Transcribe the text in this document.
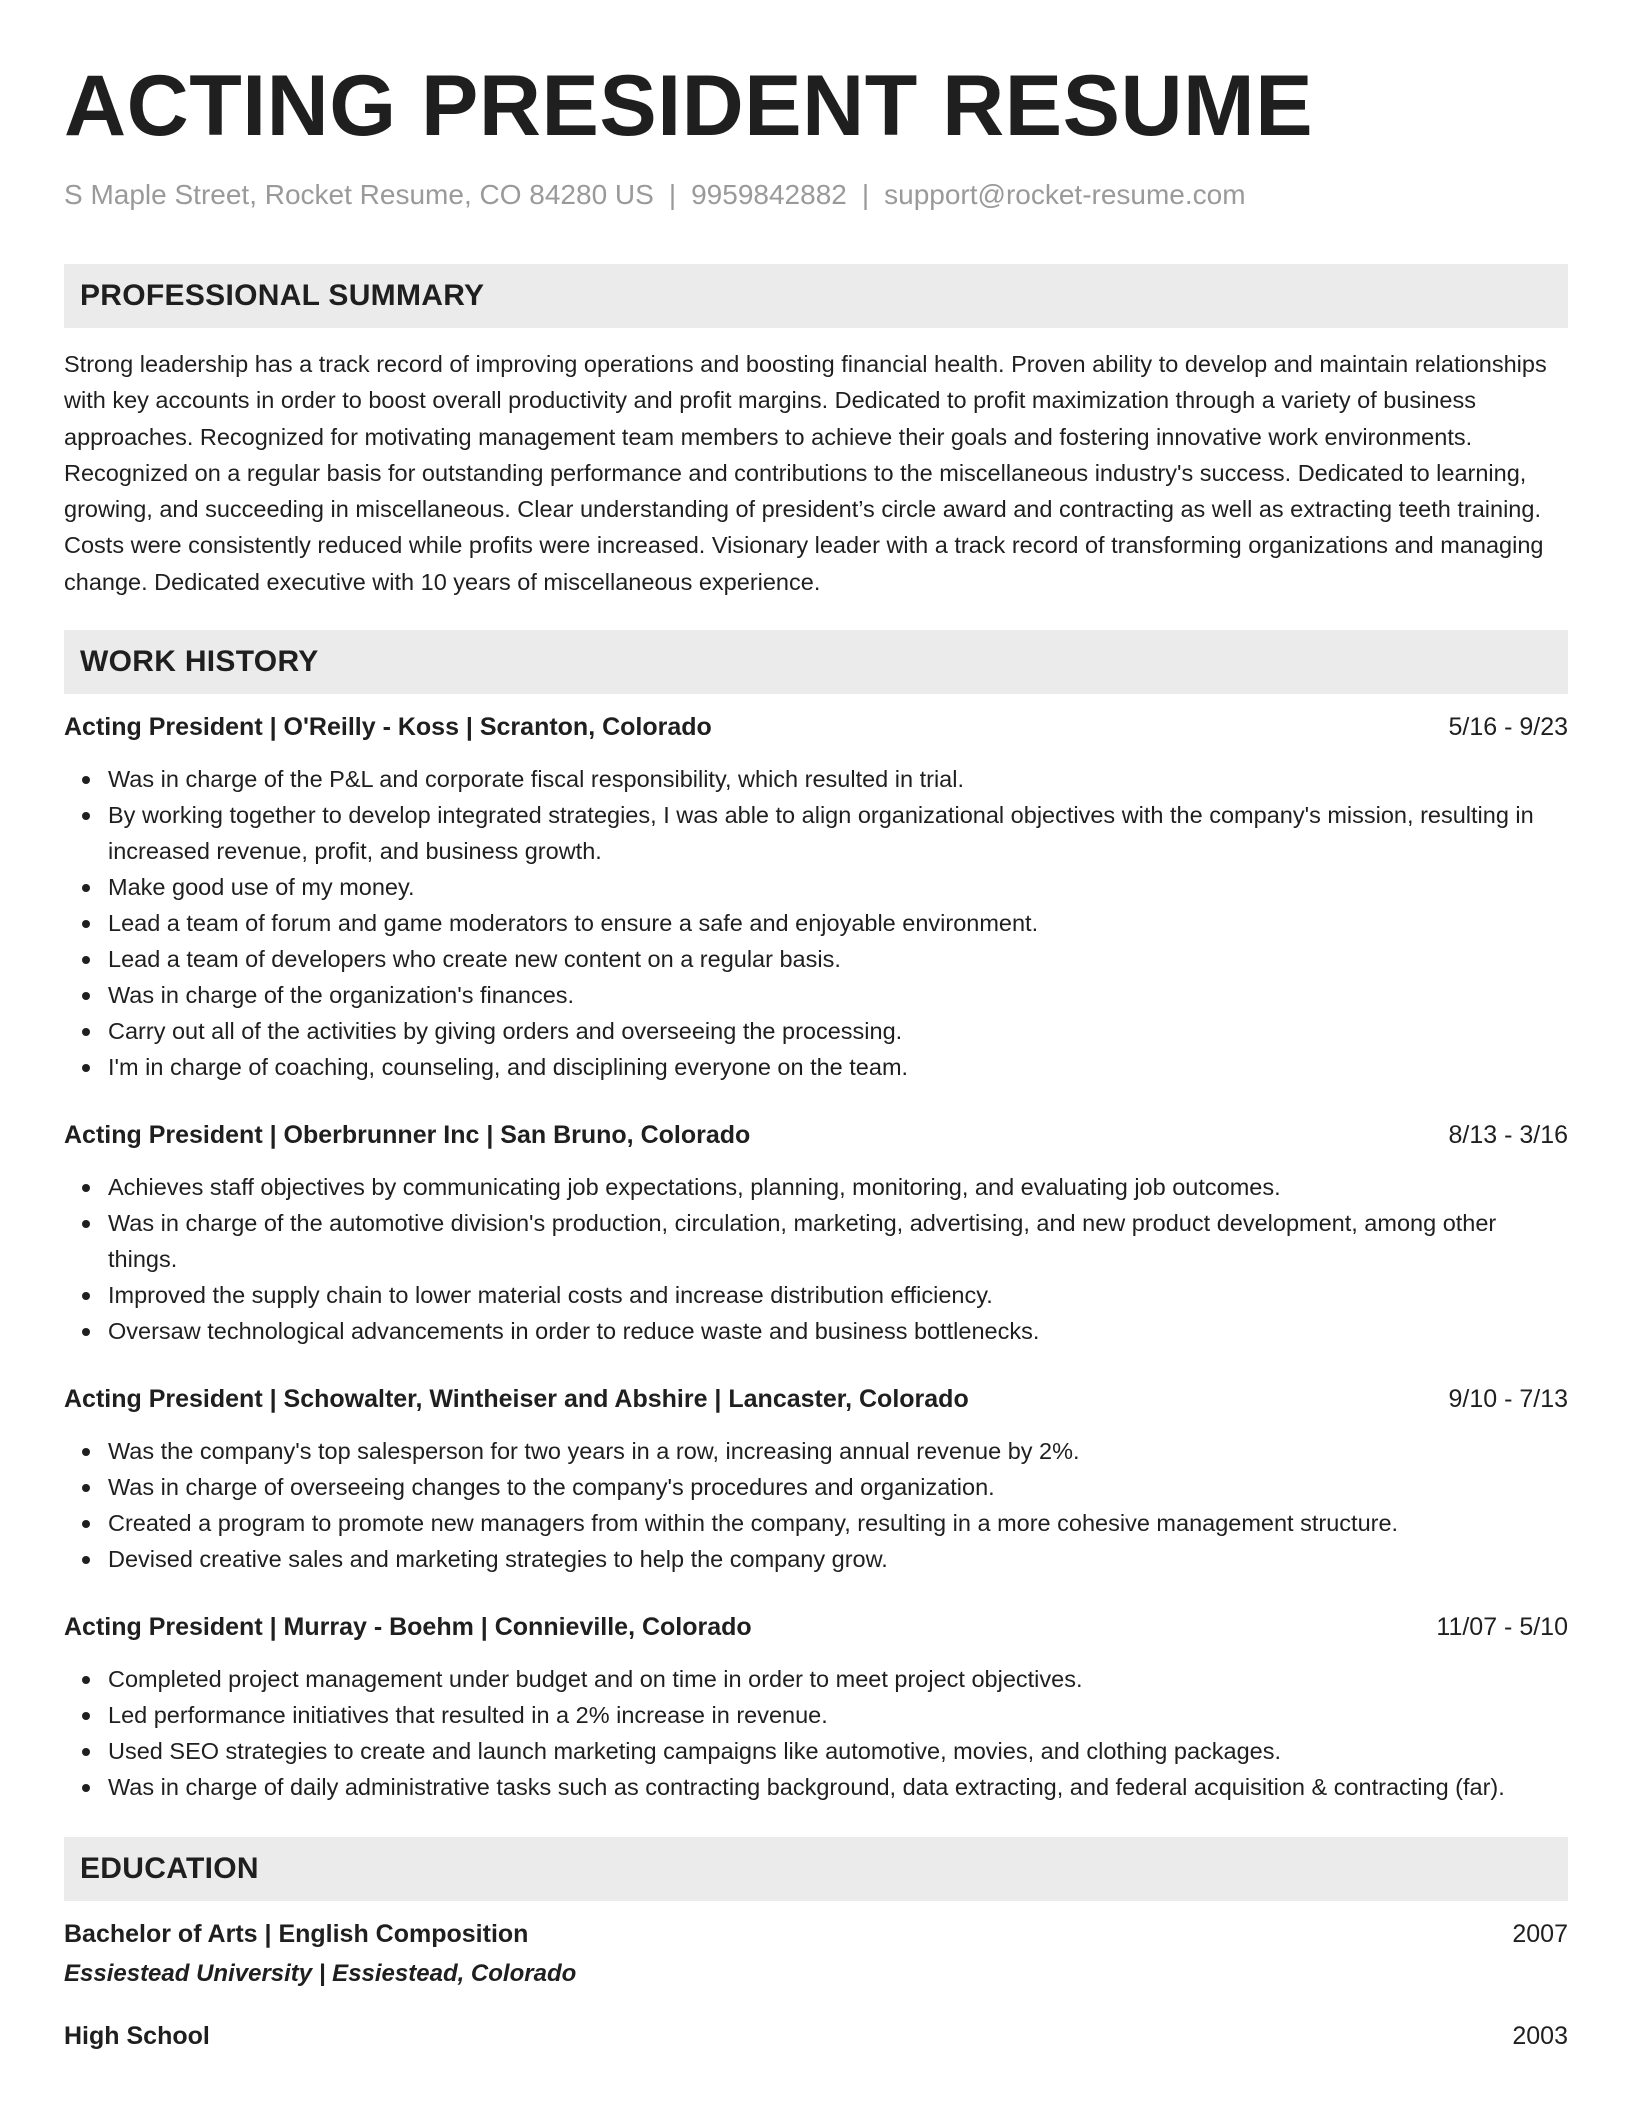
ACTING PRESIDENT RESUME
S Maple Street, Rocket Resume, CO 84280 US | 9959842882 | support@rocket-resume.com
PROFESSIONAL SUMMARY

Strong leadership has a track record of improving operations and boosting financial health. Proven ability to develop and maintain relationships with key accounts in order to boost overall productivity and profit margins. Dedicated to profit maximization through a variety of business approaches. Recognized for motivating management team members to achieve their goals and fostering innovative work environments. Recognized on a regular basis for outstanding performance and contributions to the miscellaneous industry's success. Dedicated to learning, growing, and succeeding in miscellaneous. Clear understanding of president’s circle award and contracting as well as extracting teeth training. Costs were consistently reduced while profits were increased. Visionary leader with a track record of transforming organizations and managing change. Dedicated executive with 10 years of miscellaneous experience.

WORK HISTORY
Acting President | O'Reilly - Koss | Scranton, Colorado	5/16 - 9/23
Was in charge of the P&L and corporate fiscal responsibility, which resulted in trial.
By working together to develop integrated strategies, I was able to align organizational objectives with the company's mission, resulting in increased revenue, profit, and business growth.
Make good use of my money.
Lead a team of forum and game moderators to ensure a safe and enjoyable environment.
Lead a team of developers who create new content on a regular basis.
Was in charge of the organization's finances.
Carry out all of the activities by giving orders and overseeing the processing.
I'm in charge of coaching, counseling, and disciplining everyone on the team.
Acting President | Oberbrunner Inc | San Bruno, Colorado	8/13 - 3/16
Achieves staff objectives by communicating job expectations, planning, monitoring, and evaluating job outcomes.
Was in charge of the automotive division's production, circulation, marketing, advertising, and new product development, among other things.
Improved the supply chain to lower material costs and increase distribution efficiency.
Oversaw technological advancements in order to reduce waste and business bottlenecks.
Acting President | Schowalter, Wintheiser and Abshire | Lancaster, Colorado	9/10 - 7/13
Was the company's top salesperson for two years in a row, increasing annual revenue by 2%.
Was in charge of overseeing changes to the company's procedures and organization.
Created a program to promote new managers from within the company, resulting in a more cohesive management structure.
Devised creative sales and marketing strategies to help the company grow.
Acting President | Murray - Boehm | Connieville, Colorado	11/07 - 5/10
Completed project management under budget and on time in order to meet project objectives.
Led performance initiatives that resulted in a 2% increase in revenue.
Used SEO strategies to create and launch marketing campaigns like automotive, movies, and clothing packages.
Was in charge of daily administrative tasks such as contracting background, data extracting, and federal acquisition & contracting (far).
EDUCATION
Bachelor of Arts | English Composition	2007
Essiestead University | Essiestead, Colorado
High School	2003
